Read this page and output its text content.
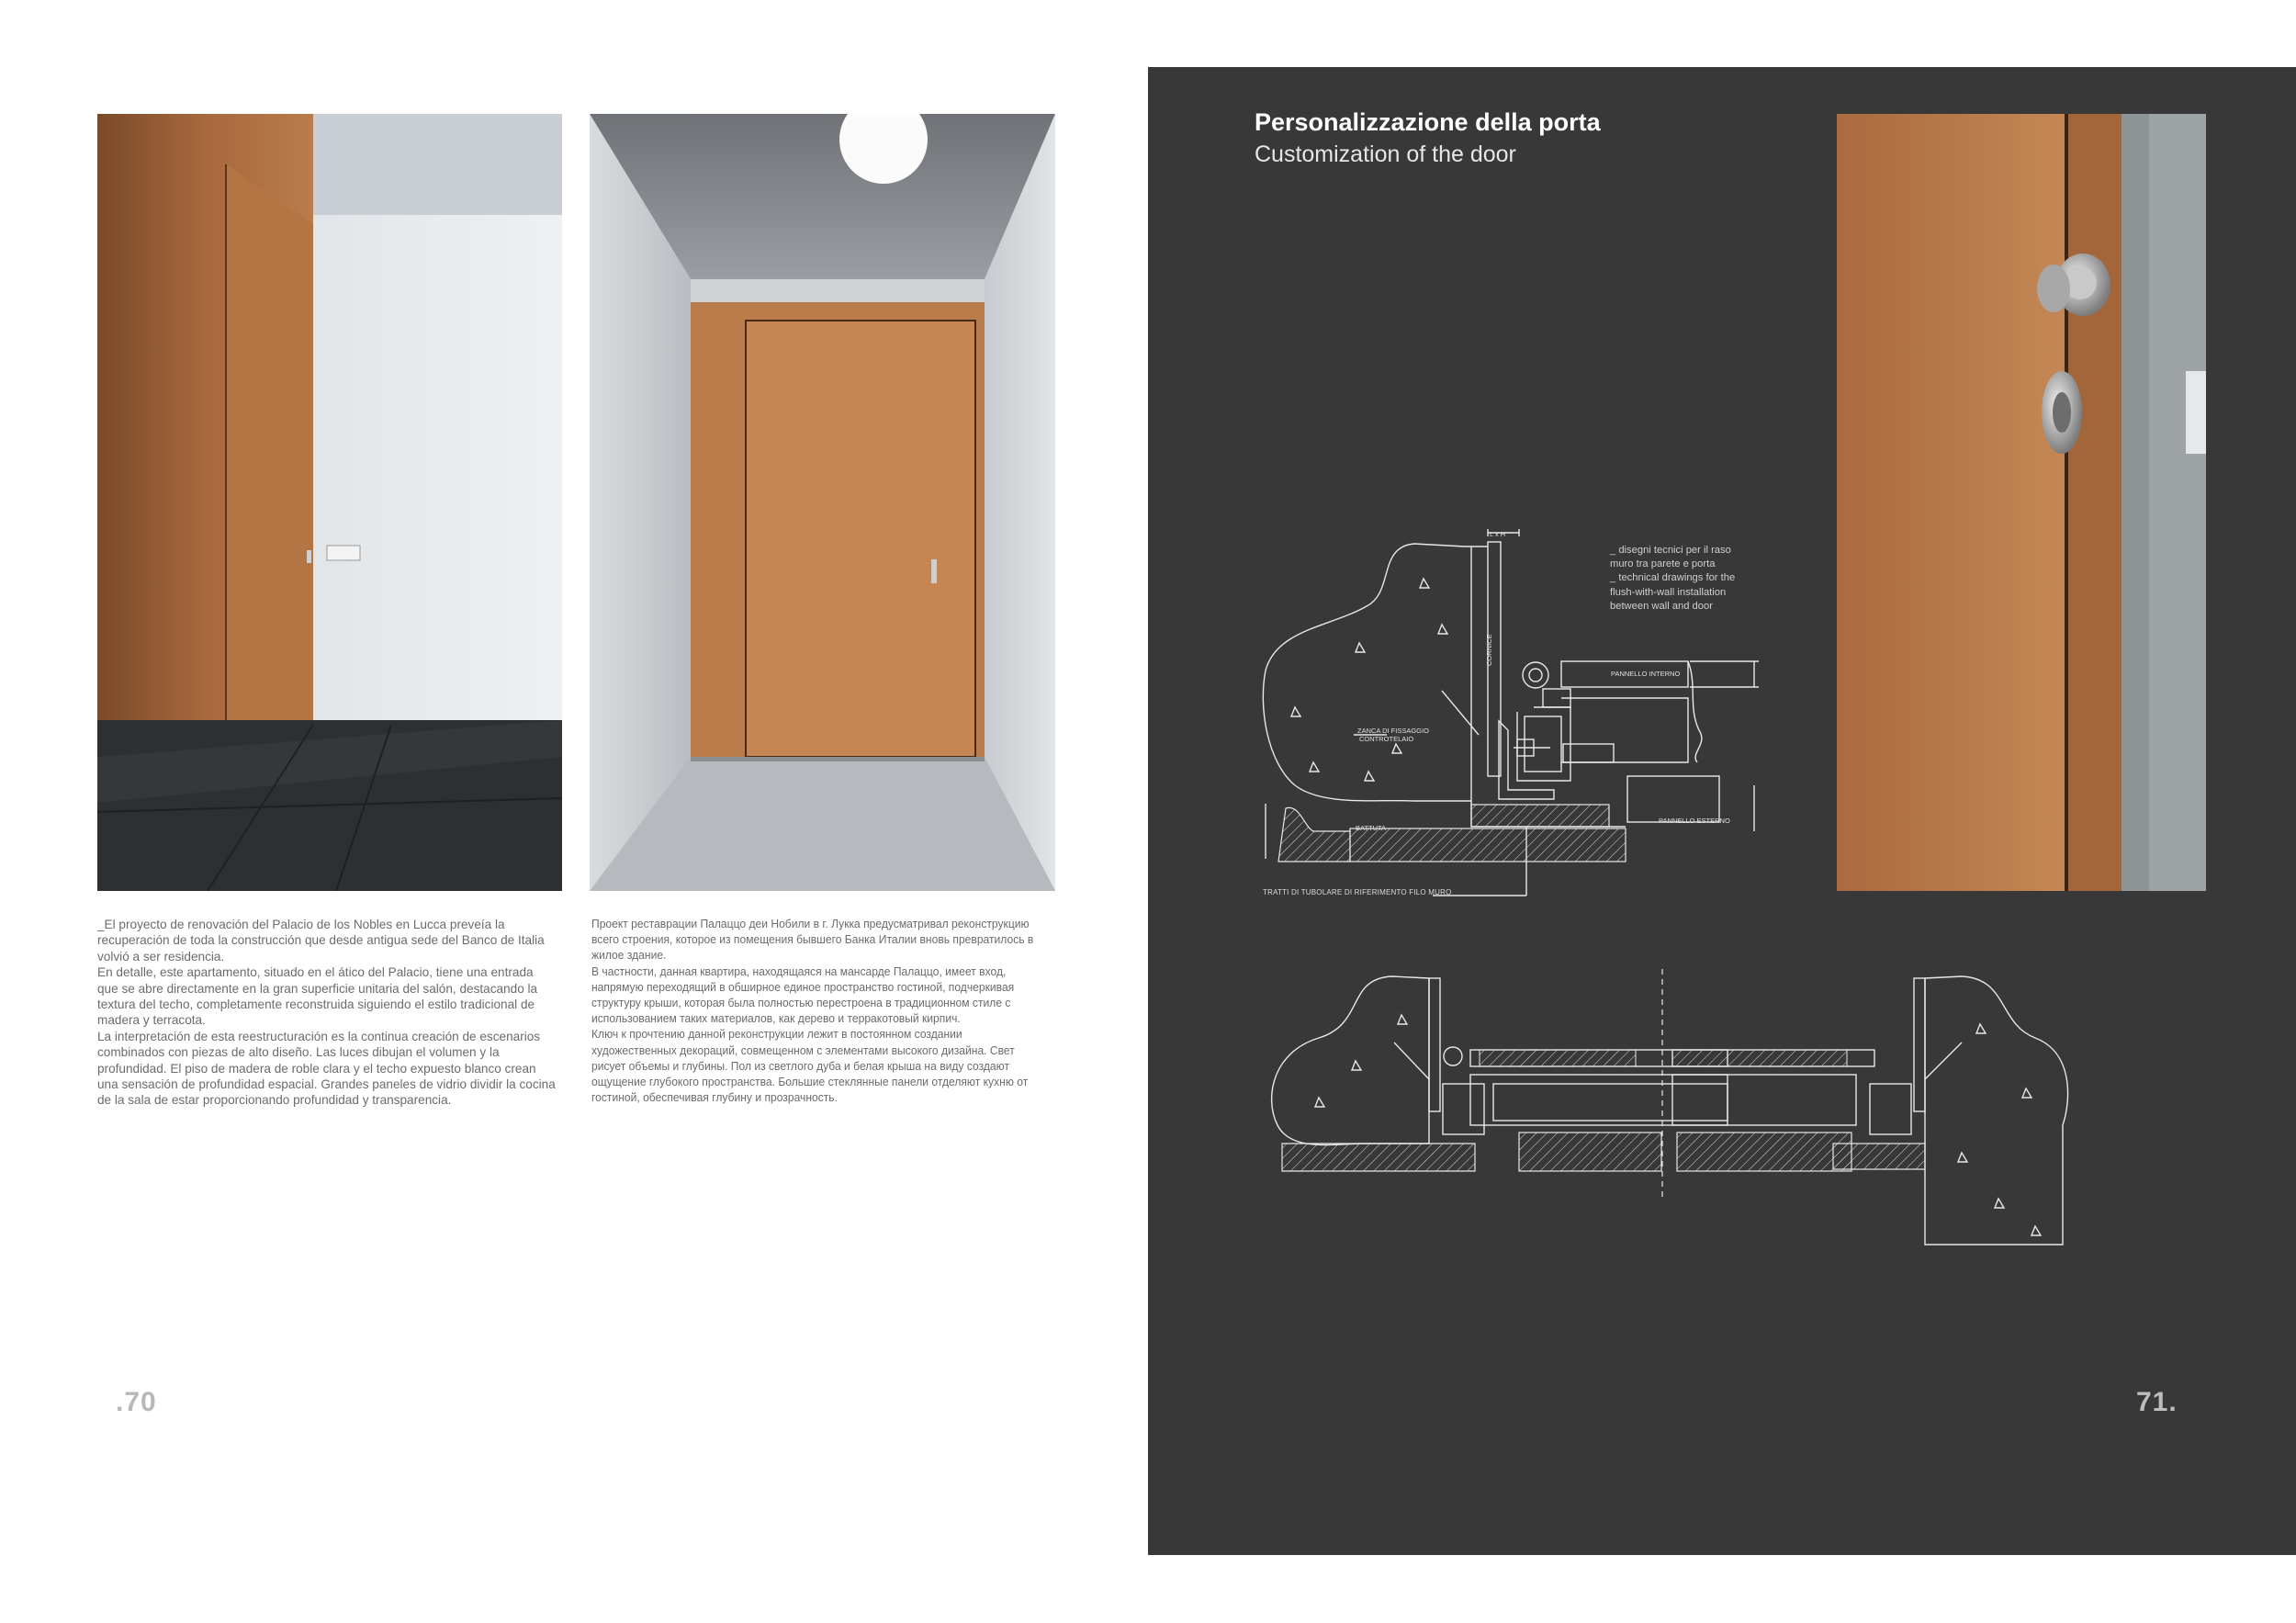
_El proyecto de renovación del Palacio de los Nobles en Lucca preveía la recuperación de toda la construcción que desde antigua sede del Banco de Italia volvió a ser residencia.

En detalle, este apartamento, situado en el ático del Palacio, tiene una entrada que se abre directamente en la gran superficie unitaria del salón, destacando la textura del techo, completamente reconstruida siguiendo el estilo tradicional de madera y terracota.

La interpretación de esta reestructuración es la continua creación de escenarios combinados con piezas de alto diseño. Las luces dibujan el volumen y la profundidad. El piso de madera de roble clara y el techo expuesto blanco crean una sensación de profundidad espacial. Grandes paneles de vidrio dividir la cocina de la sala de estar proporcionando profundidad y transparencia.

Проект реставрации Палаццо деи Нобили в г. Лукка предусматривал реконструкцию всего строения, которое из помещения бывшего Банка Италии вновь превратилось в жилое здание.

В частности, данная квартира, находящаяся на мансарде Палаццо, имеет вход, напрямую переходящий в обширное единое пространство гостиной, подчеркивая структуру крыши, которая была полностью перестроена в традиционном стиле с использованием таких материалов, как дерево и терракотовый кирпич.

Ключ к прочтению данной реконструкции лежит в постоянном создании художественных декораций, совмещенном с элементами высокого дизайна. Свет рисует объемы и глубины. Пол из светлого дуба и белая крыша на виду создают ощущение глубокого пространства. Большие стеклянные панели отделяют кухню от гостиной, обеспечивая глубину и прозрачность.

.70
Personalizzazione della porta
Customization of the door

_ disegni tecnici per il raso

muro tra parete e porta

_ technical drawings for the

flush-with-wall installation

between wall and door

L x H
ZANCA DI FISSAGGIO
CONTROTELAIO
PANNELLO INTERNO
PANNELLO ESTERNO
BATTUTA
CORNICE
TRATTI DI TUBOLARE DI RIFERIMENTO FILO MURO
71.
